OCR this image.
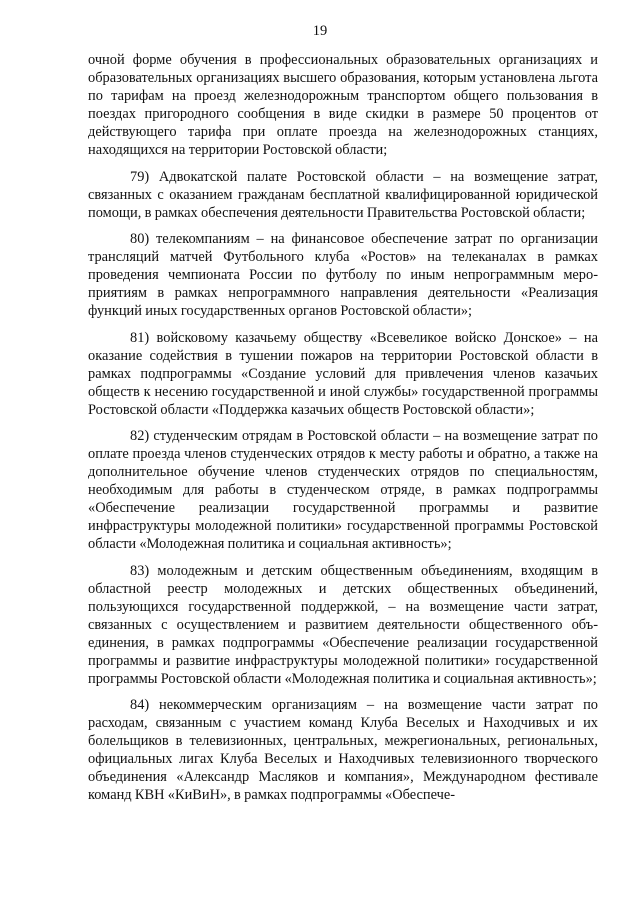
19

очной форме обучения в профессиональных образовательных организациях и образовательных организациях высшего образования, которым установлена льгота по тарифам на проезд железнодорожным транспортом общего пользования в поездах пригородного сообщения в виде скидки в размере 50 процентов от действующего тарифа при оплате проезда на железнодорожных станциях, находящихся на территории Ростовской области;

79) Адвокатской палате Ростовской области – на возмещение затрат, связанных с оказанием гражданам бесплатной квалифицированной юридической помощи, в рамках обеспечения деятельности Правительства Ростовской области;

80) телекомпаниям – на финансовое обеспечение затрат по организации трансляций матчей Футбольного клуба «Ростов» на телеканалах в рамках проведения чемпионата России по футболу по иным непрограммным мероприятиям в рамках непрограммного направления деятельности «Реализация функций иных государственных органов Ростовской области»;

81) войсковому казачьему обществу «Всевеликое войско Донское» – на оказание содействия в тушении пожаров на территории Ростовской области в рамках подпрограммы «Создание условий для привлечения членов казачьих обществ к несению государственной и иной службы» государственной программы Ростовской области «Поддержка казачьих обществ Ростовской области»;

82) студенческим отрядам в Ростовской области – на возмещение затрат по оплате проезда членов студенческих отрядов к месту работы и обратно, а также на дополнительное обучение членов студенческих отрядов по специальностям, необходимым для работы в студенческом отряде, в рамках подпрограммы «Обеспечение реализации государственной программы и развитие инфраструктуры молодежной политики» государственной программы Ростовской области «Молодежная политика и социальная активность»;

83) молодежным и детским общественным объединениям, входящим в областной реестр молодежных и детских общественных объединений, пользующихся государственной поддержкой, – на возмещение части затрат, связанных с осуществлением и развитием деятельности общественного объединения, в рамках подпрограммы «Обеспечение реализации государственной программы и развитие инфраструктуры молодежной политики» государственной программы Ростовской области «Молодежная политика и социальная активность»;

84) некоммерческим организациям – на возмещение части затрат по расходам, связанным с участием команд Клуба Веселых и Находчивых и их болельщиков в телевизионных, центральных, межрегиональных, региональных, официальных лигах Клуба Веселых и Находчивых телевизионного творческого объединения «Александр Масляков и компания», Международном фестивале команд КВН «КиВиН», в рамках подпрограммы «Обеспече-
